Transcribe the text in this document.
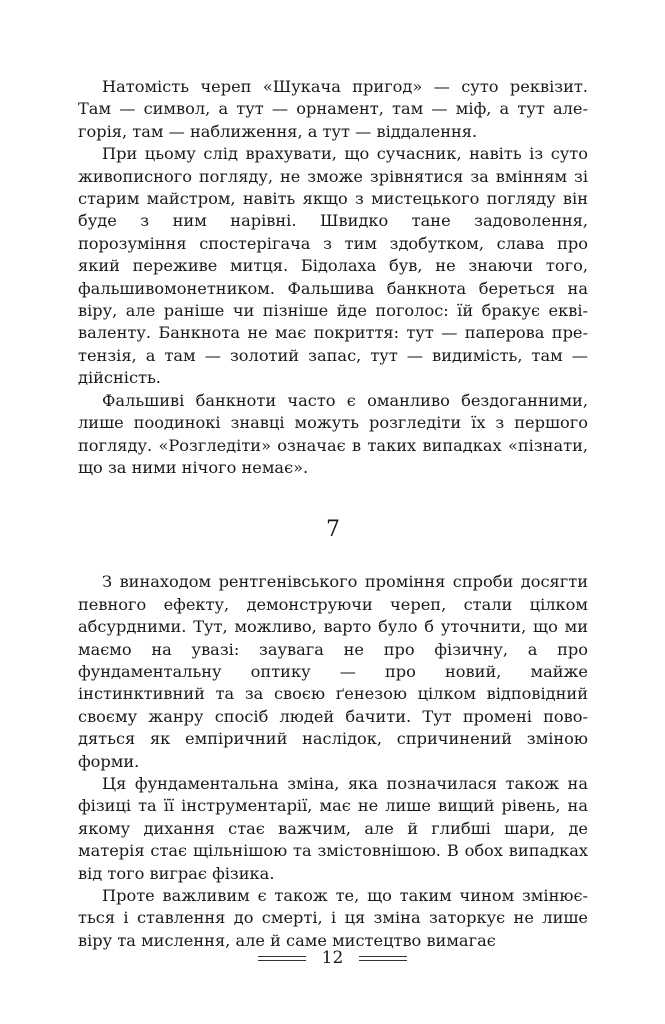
Натомість череп «Шукача пригод» — суто реквізит. Там — символ, а тут — орнамент, там — міф, а тут алегорія, там — наближення, а тут — віддалення.

При цьому слід врахувати, що сучасник, навіть із суто живописного погляду, не зможе зрівнятися за вмінням зі старим майстром, навіть якщо з мистецького погляду він буде з ним нарівні. Швидко тане задоволення, порозуміння спостерігача з тим здобутком, слава про який переживе митця. Бідолаха був, не знаючи того, фальшивомонетником. Фальшива банкнота береться на віру, але раніше чи пізніше йде поголос: їй бракує еквіваленту. Банкнота не має покриття: тут — паперова претензія, а там — золотий запас, тут — видимість, там — дійсність.

Фальшиві банкноти часто є оманливо бездоганними, лише поодинокі знавці можуть розгледіти їх з першого погляду. «Розгледіти» означає в таких випадках «пізнати, що за ними нічого немає».

7

З винаходом рентгенівського проміння спроби досягти певного ефекту, демонструючи череп, стали цілком абсурдними. Тут, можливо, варто було б уточнити, що ми маємо на увазі: заувага не про фізичну, а про фундаментальну оптику — про новий, майже інстинктивний та за своєю ґенезою цілком відповідний своєму жанру спосіб людей бачити. Тут промені поводяться як емпіричний наслідок, спричинений зміною форми.

Ця фундаментальна зміна, яка позначилася також на фізиці та її інструментарії, має не лише вищий рівень, на якому дихання стає важчим, але й глибші шари, де матерія стає щільнішою та змістовнішою. В обох випадках від того виграє фізика.

Проте важливим є також те, що таким чином змінюється і ставлення до смерті, і ця зміна заторкує не лише віру та мислення, але й саме мистецтво вимагає

12
